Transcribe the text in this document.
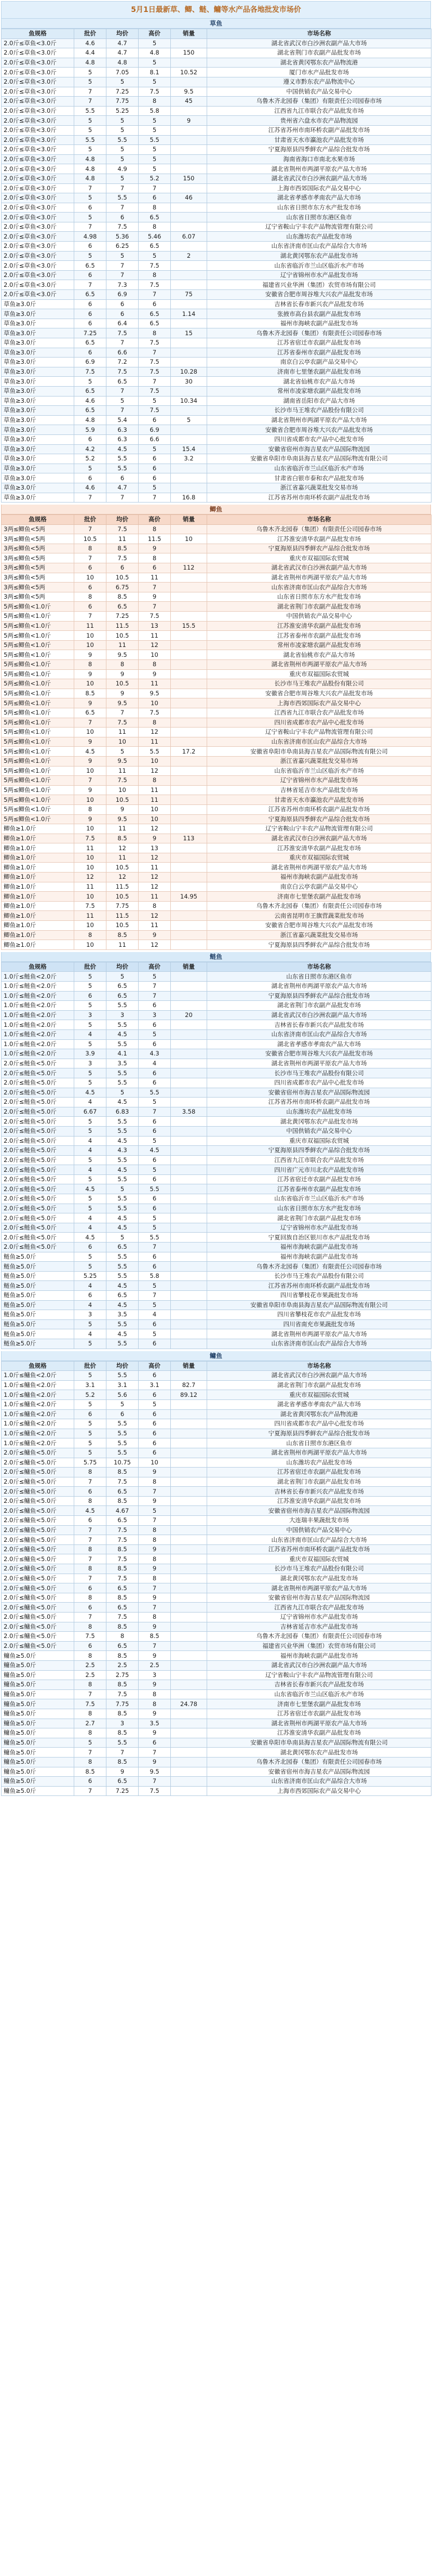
5月1日最新草、鲫、鲢、鳙等水产品各地批发市场价
草鱼
鱼规格	批价	均价	高价	销量	市场名称
2.0斤≤草鱼<3.0斤	4.6	4.7	5		湖北省武汉市白沙洲农副产品大市场
2.0斤≤草鱼<3.0斤	4.4	4.7	4.8	150	湖北省荆门市农副产品批发市场
2.0斤≤草鱼<3.0斤	4.8	4.8	5		湖北省黄冈鄂东农产品物流港
2.0斤≤草鱼<3.0斤	5	7.05	8.1	10.52	厦门市水产品批发市场
2.0斤≤草鱼<3.0斤	5	5	5		遵义市黔东农产品物流中心
2.0斤≤草鱼<3.0斤	7	7.25	7.5	9.5	中国供销农产品交易中心
2.0斤≤草鱼<3.0斤	7	7.75	8	45	乌鲁木齐北园春（集团）有限责任公司园春市场
2.0斤≤草鱼<3.0斤	5.5	5.25	5.8		江西省九江市联合农产品批发市场
2.0斤≤草鱼<3.0斤	5	5	5	9	贵州省六盘水市农产品物流园
2.0斤≤草鱼<3.0斤	5	5	5		江苏省苏州市南环桥农副产品批发市场
2.0斤≤草鱼<3.0斤	5.5	5.5	5.5		甘肃省天水市瀛池农产品批发市场
2.0斤≤草鱼<3.0斤	5	5	5		宁夏海原县四季鲜农产品综合批发市场
2.0斤≤草鱼<3.0斤	4.8	5	5		海南省海口市南北水果市场
2.0斤≤草鱼<3.0斤	4.8	4.9	5		湖北省荆州市两湖平原农产品大市场
2.0斤≤草鱼<3.0斤	4.8	5	5.2	150	湖北省武汉市白沙洲农副产品大市场
2.0斤≤草鱼<3.0斤	7	7	7		上海市西郊国际农产品交易中心
2.0斤≤草鱼<3.0斤	5	5.5	6	46	湖北省孝感市孝南农产品大市场
2.0斤≤草鱼<3.0斤	6	7	8		山东省日照市东方水产批发市场
2.0斤≤草鱼<3.0斤	5	6	6.5		山东省日照市东港区鱼市
2.0斤≤草鱼<3.0斤	7	7.5	8		辽宁省鞍山宁丰农产品物流管理有限公司
2.0斤≤草鱼<3.0斤	4.98	5.36	5.46	6.07	山东潍坊农产品批发市场
2.0斤≤草鱼<3.0斤	6	6.25	6.5		山东省济南市匡山农产品综合大市场
2.0斤≤草鱼<3.0斤	5	5	5	2	湖北黄冈鄂东农产品批发市场
2.0斤≤草鱼<3.0斤	6.5	7	7.5		山东省临沂市兰山区临沂水产市场
2.0斤≤草鱼<3.0斤	6	7	8		辽宁省锦州市水产品批发市场
2.0斤≤草鱼<3.0斤	7	7.3	7.5		福建省兴业华洲（集团）农贸市场有限公司
2.0斤≤草鱼<3.0斤	6.5	6.9	7	75	安徽省合肥市周谷堆大兴农产品批发市场
草鱼≥3.0斤	6	6	6		吉林省长春市新兴农产品批发市场
草鱼≥3.0斤	6	6	6.5	1.14	张掖市高台县农副产品批发市场
草鱼≥3.0斤	6	6.4	6.5		福州市海峡农副产品批发市场
草鱼≥3.0斤	7.25	7.5	8	15	乌鲁木齐北园春（集团）有限责任公司园春市场
草鱼≥3.0斤	6.5	7	7.5		江苏省宿迁市农副产品批发市场
草鱼≥3.0斤	6	6.6	7		江苏省泰州市农副产品批发市场
草鱼≥3.0斤	6.9	7.2	7.5		南京白云亭农副产品交易中心
草鱼≥3.0斤	7.5	7.5	7.5	10.28	济南市七里堡农副产品批发市场
草鱼≥3.0斤	5	6.5	7	30	湖北省仙桃市农产品大市场
草鱼≥3.0斤	6.5	7	7.5		常州市凌家塘农副产品批发市场
草鱼≥3.0斤	4.6	5	5	10.34	湖南省岳阳市农产品大市场
草鱼≥3.0斤	6.5	7	7.5		长沙市马王堆农产品股份有限公司
草鱼≥3.0斤	4.8	5.4	6	5	湖北省荆州市两湖平原农产品大市场
草鱼≥3.0斤	5.9	6.3	6.9		安徽省合肥市周谷堆大兴农产品批发市场
草鱼≥3.0斤	6	6.3	6.6		四川省成都市农产品中心批发市场
草鱼≥3.0斤	4.2	4.5	5	15.4	安徽省宿州市海吉星农产品国际物流园
草鱼≥3.0斤	5.2	5.5	6	3.2	安徽省阜阳市阜南县海吉星农产品国际物流有限公司
草鱼≥3.0斤	5	5.5	6		山东省临沂市兰山区临沂水产市场
草鱼≥3.0斤	6	6	6		甘肃省白银市泰和农产品批发市场
草鱼≥3.0斤	4.6	4.7	5		浙江省嘉兴蔬菜批发交易市场
草鱼≥3.0斤	7	7	7	16.8	江苏省苏州市南环桥农副产品批发市场
鲫鱼
鱼规格	批价	均价	高价	销量	市场名称
3两≤鲫鱼<5两	7	7.5	8		乌鲁木齐北园春（集团）有限责任公司园春市场
3两≤鲫鱼<5两	10.5	11	11.5	10	江苏淮安清华农副产品批发市场
3两≤鲫鱼<5两	8	8.5	9		宁夏海原县四季鲜农产品综合批发市场
3两≤鲫鱼<5两	7	7.5	8		重庆市双福国际农贸城
3两≤鲫鱼<5两	6	6	6	112	湖北省武汉市白沙洲农副产品大市场
3两≤鲫鱼<5两	10	10.5	11		湖北省荆州市两湖平原农产品大市场
3两≤鲫鱼<5两	6	6.75	7		山东省济南市匡山农产品综合大市场
3两≤鲫鱼<5两	8	8.5	9		山东省日照市东方水产批发市场
5两≤鲫鱼<1.0斤	6	6.5	7		湖北省荆门市农副产品批发市场
5两≤鲫鱼<1.0斤	7	7.25	7.5		中国供销农产品交易中心
5两≤鲫鱼<1.0斤	11	11.5	13	15.5	江苏淮安清华农副产品批发市场
5两≤鲫鱼<1.0斤	10	10.5	11		江苏省泰州市农副产品批发市场
5两≤鲫鱼<1.0斤	10	11	12		常州市凌家塘农副产品批发市场
5两≤鲫鱼<1.0斤	9	9.5	10		湖北省仙桃市农产品大市场
5两≤鲫鱼<1.0斤	8	8	8		湖北省荆州市两湖平原农产品大市场
5两≤鲫鱼<1.0斤	9	9	9		重庆市双福国际农贸城
5两≤鲫鱼<1.0斤	10	10.5	11		长沙市马王堆农产品股份有限公司
5两≤鲫鱼<1.0斤	8.5	9	9.5		安徽省合肥市周谷堆大兴农产品批发市场
5两≤鲫鱼<1.0斤	9	9.5	10		上海市西郊国际农产品交易中心
5两≤鲫鱼<1.0斤	6.5	7	7.5		江西省九江市联合农产品批发市场
5两≤鲫鱼<1.0斤	7	7.5	8		四川省成都市农产品中心批发市场
5两≤鲫鱼<1.0斤	10	11	12		辽宁省鞍山宁丰农产品物流管理有限公司
5两≤鲫鱼<1.0斤	9	10	11		山东省济南市匡山农产品综合大市场
5两≤鲫鱼<1.0斤	4.5	5	5.5	17.2	安徽省阜阳市阜南县海吉星农产品国际物流有限公司
5两≤鲫鱼<1.0斤	9	9.5	10		浙江省嘉兴蔬菜批发交易市场
5两≤鲫鱼<1.0斤	10	11	12		山东省临沂市兰山区临沂水产市场
5两≤鲫鱼<1.0斤	7	7.5	8		辽宁省锦州市水产品批发市场
5两≤鲫鱼<1.0斤	9	10	11		吉林省延吉市水产品批发市场
5两≤鲫鱼<1.0斤	10	10.5	11		甘肃省天水市瀛池农产品批发市场
5两≤鲫鱼<1.0斤	8	9	10		江苏省苏州市南环桥农副产品批发市场
5两≤鲫鱼<1.0斤	9	9.5	10		宁夏海原县四季鲜农产品综合批发市场
鲫鱼≥1.0斤	10	11	12		辽宁省鞍山宁丰农产品物流管理有限公司
鲫鱼≥1.0斤	7.5	8.5	9	113	湖北省武汉市白沙洲农副产品大市场
鲫鱼≥1.0斤	11	12	13		江苏淮安清华农副产品批发市场
鲫鱼≥1.0斤	10	11	12		重庆市双福国际农贸城
鲫鱼≥1.0斤	10	10.5	11		湖北省荆州市两湖平原农产品大市场
鲫鱼≥1.0斤	12	12	12		福州市海峡农副产品批发市场
鲫鱼≥1.0斤	11	11.5	12		南京白云亭农副产品交易中心
鲫鱼≥1.0斤	10	10.5	11	14.95	济南市七里堡农副产品批发市场
鲫鱼≥1.0斤	7.5	7.75	8		乌鲁木齐北园春（集团）有限责任公司园春市场
鲫鱼≥1.0斤	11	11.5	12		云南省昆明市王旗营蔬菜批发市场
鲫鱼≥1.0斤	10	10.5	11		安徽省合肥市周谷堆大兴农产品批发市场
鲫鱼≥1.0斤	8	8.5	9		浙江省嘉兴蔬菜批发交易市场
鲫鱼≥1.0斤	10	11	12		宁夏海原县四季鲜农产品综合批发市场
鲢鱼
鱼规格	批价	均价	高价	销量	市场名称
1.0斤≤鲢鱼<2.0斤	5	5	5		山东省日照市东港区鱼市
1.0斤≤鲢鱼<2.0斤	5	6.5	7		湖北省荆州市两湖平原农产品大市场
1.0斤≤鲢鱼<2.0斤	6	6.5	7		宁夏海原县四季鲜农产品综合批发市场
1.0斤≤鲢鱼<2.0斤	5	5.5	6		湖北省荆门市农副产品批发市场
1.0斤≤鲢鱼<2.0斤	3	3	3	20	湖北省武汉市白沙洲农副产品大市场
1.0斤≤鲢鱼<2.0斤	5	5.5	6		吉林省长春市新兴农产品批发市场
1.0斤≤鲢鱼<2.0斤	4	4.5	5		山东省济南市匡山农产品综合大市场
1.0斤≤鲢鱼<2.0斤	5	5.5	6		湖北省孝感市孝南农产品大市场
1.0斤≤鲢鱼<2.0斤	3.9	4.1	4.3		安徽省合肥市周谷堆大兴农产品批发市场
2.0斤≤鲢鱼<5.0斤	3	3.5	4		湖北省荆州市两湖平原农产品大市场
2.0斤≤鲢鱼<5.0斤	5	5.5	6		长沙市马王堆农产品股份有限公司
2.0斤≤鲢鱼<5.0斤	5	5.5	6		四川省成都市农产品中心批发市场
2.0斤≤鲢鱼<5.0斤	4.5	5	5.5		安徽省宿州市海吉星农产品国际物流园
2.0斤≤鲢鱼<5.0斤	4	4.5	5		江苏省苏州市南环桥农副产品批发市场
2.0斤≤鲢鱼<5.0斤	6.67	6.83	7	3.58	山东潍坊农产品批发市场
2.0斤≤鲢鱼<5.0斤	5	5.5	6		湖北黄冈鄂东农产品批发市场
2.0斤≤鲢鱼<5.0斤	5	5.5	6		中国供销农产品交易中心
2.0斤≤鲢鱼<5.0斤	4	4.5	5		重庆市双福国际农贸城
2.0斤≤鲢鱼<5.0斤	4	4.3	4.5		宁夏海原县四季鲜农产品综合批发市场
2.0斤≤鲢鱼<5.0斤	5	5.5	6		江西省九江市联合农产品批发市场
2.0斤≤鲢鱼<5.0斤	4	4.5	5		四川省广元市川北农产品批发市场
2.0斤≤鲢鱼<5.0斤	5	5.5	6		江苏省宿迁市农副产品批发市场
2.0斤≤鲢鱼<5.0斤	4.5	5	5.5		江苏省泰州市农副产品批发市场
2.0斤≤鲢鱼<5.0斤	5	5.5	6		山东省临沂市兰山区临沂水产市场
2.0斤≤鲢鱼<5.0斤	5	5.5	6		山东省日照市东方水产批发市场
2.0斤≤鲢鱼<5.0斤	4	4.5	5		湖北省荆门市农副产品批发市场
2.0斤≤鲢鱼<5.0斤	4	4.5	5		辽宁省锦州市水产品批发市场
2.0斤≤鲢鱼<5.0斤	4.5	5	5.5		宁夏回族自治区银川市水产品批发市场
2.0斤≤鲢鱼<5.0斤	6	6.5	7		福州市海峡农副产品批发市场
鲢鱼≥5.0斤	5	5.5	6		福州市海峡农副产品批发市场
鲢鱼≥5.0斤	5	5.5	6		乌鲁木齐北园春（集团）有限责任公司园春市场
鲢鱼≥5.0斤	5.25	5.5	5.8		长沙市马王堆农产品股份有限公司
鲢鱼≥5.0斤	4	4.5	5		江苏省苏州市南环桥农副产品批发市场
鲢鱼≥5.0斤	6	6.5	7		四川省攀枝花市果蔬批发市场
鲢鱼≥5.0斤	4	4.5	5		安徽省阜阳市阜南县海吉星农产品国际物流有限公司
鲢鱼≥5.0斤	3	3.5	4		四川省攀枝花市农产品批发市场
鲢鱼≥5.0斤	5	5.5	6		四川省南充市果蔬批发市场
鲢鱼≥5.0斤	4	4.5	5		湖北省荆州市两湖平原农产品大市场
鲢鱼≥5.0斤	5	5.5	6		山东省济南市匡山农产品综合大市场
鳙鱼
鱼规格	批价	均价	高价	销量	市场名称
1.0斤≤鳙鱼<2.0斤	5	5.5	6		湖北省武汉市白沙洲农副产品大市场
1.0斤≤鳙鱼<2.0斤	3.1	3.1	3.1	82.7	湖北省荆门市农副产品批发市场
1.0斤≤鳙鱼<2.0斤	5.2	5.6	6	89.12	重庆市双福国际农贸城
1.0斤≤鳙鱼<2.0斤	5	5	5		湖北省孝感市孝南农产品大市场
1.0斤≤鳙鱼<2.0斤	6	6	6		湖北省黄冈鄂东农产品物流港
1.0斤≤鳙鱼<2.0斤	5	5.5	6		四川省成都市农产品中心批发市场
1.0斤≤鳙鱼<2.0斤	5	5.5	6		宁夏海原县四季鲜农产品综合批发市场
1.0斤≤鳙鱼<2.0斤	5	5.5	6		山东省日照市东港区鱼市
2.0斤≤鳙鱼<5.0斤	5	5.5	6		湖北省荆州市两湖平原农产品大市场
2.0斤≤鳙鱼<5.0斤	5.75	10.75	10		山东潍坊农产品批发市场
2.0斤≤鳙鱼<5.0斤	8	8.5	9		江苏省宿迁市农副产品批发市场
2.0斤≤鳙鱼<5.0斤	7	7.5	8		湖北省荆门市农副产品批发市场
2.0斤≤鳙鱼<5.0斤	6	6.5	7		吉林省长春市新兴农产品批发市场
2.0斤≤鳙鱼<5.0斤	8	8.5	9		江苏淮安清华农副产品批发市场
2.0斤≤鳙鱼<5.0斤	4.5	4.67	5		安徽省宿州市海吉星农产品国际物流园
2.0斤≤鳙鱼<5.0斤	6	6.5	7		大连瑞丰果蔬批发市场
2.0斤≤鳙鱼<5.0斤	7	7.5	8		中国供销农产品交易中心
2.0斤≤鳙鱼<5.0斤	7	7.5	8		山东省济南市匡山农产品综合大市场
2.0斤≤鳙鱼<5.0斤	8	8.5	9		江苏省苏州市南环桥农副产品批发市场
2.0斤≤鳙鱼<5.0斤	7	7.5	8		重庆市双福国际农贸城
2.0斤≤鳙鱼<5.0斤	8	8.5	9		长沙市马王堆农产品股份有限公司
2.0斤≤鳙鱼<5.0斤	7	7.5	8		湖北黄冈鄂东农产品批发市场
2.0斤≤鳙鱼<5.0斤	6	6.5	7		湖北省荆州市两湖平原农产品大市场
2.0斤≤鳙鱼<5.0斤	8	8.5	9		安徽省宿州市海吉星农产品国际物流园
2.0斤≤鳙鱼<5.0斤	6	6.5	7		江西省九江市联合农产品批发市场
2.0斤≤鳙鱼<5.0斤	7	7.5	8		辽宁省锦州市水产品批发市场
2.0斤≤鳙鱼<5.0斤	8	8.5	9		吉林省延吉市水产品批发市场
2.0斤≤鳙鱼<5.0斤	7.5	8	8.5		乌鲁木齐北园春（集团）有限责任公司园春市场
2.0斤≤鳙鱼<5.0斤	6	6.5	7		福建省兴业华洲（集团）农贸市场有限公司
鳙鱼≥5.0斤	8	8.5	9		福州市海峡农副产品批发市场
鳙鱼≥5.0斤	2.5	2.5	2.5		湖北省武汉市白沙洲农副产品大市场
鳙鱼≥5.0斤	2.5	2.75	3		辽宁省鞍山宁丰农产品物流管理有限公司
鳙鱼≥5.0斤	8	8.5	9		吉林省长春市新兴农产品批发市场
鳙鱼≥5.0斤	7	7.5	8		山东省临沂市兰山区临沂水产市场
鳙鱼≥5.0斤	7.5	7.75	8	24.78	济南市七里堡农副产品批发市场
鳙鱼≥5.0斤	8	8.5	9		江苏省宿迁市农副产品批发市场
鳙鱼≥5.0斤	2.7	3	3.5		湖北省荆州市两湖平原农产品大市场
鳙鱼≥5.0斤	8	8.5	9		江苏淮安清华农副产品批发市场
鳙鱼≥5.0斤	5	5.5	6		安徽省阜阳市阜南县海吉星农产品国际物流有限公司
鳙鱼≥5.0斤	7	7	7		湖北黄冈鄂东农产品批发市场
鳙鱼≥5.0斤	8	8.5	9		乌鲁木齐北园春（集团）有限责任公司园春市场
鳙鱼≥5.0斤	8.5	9	9.5		安徽省宿州市海吉星农产品国际物流园
鳙鱼≥5.0斤	6	6.5	7		山东省济南市匡山农产品综合大市场
鳙鱼≥5.0斤	7	7.25	7.5		上海市西郊国际农产品交易中心
